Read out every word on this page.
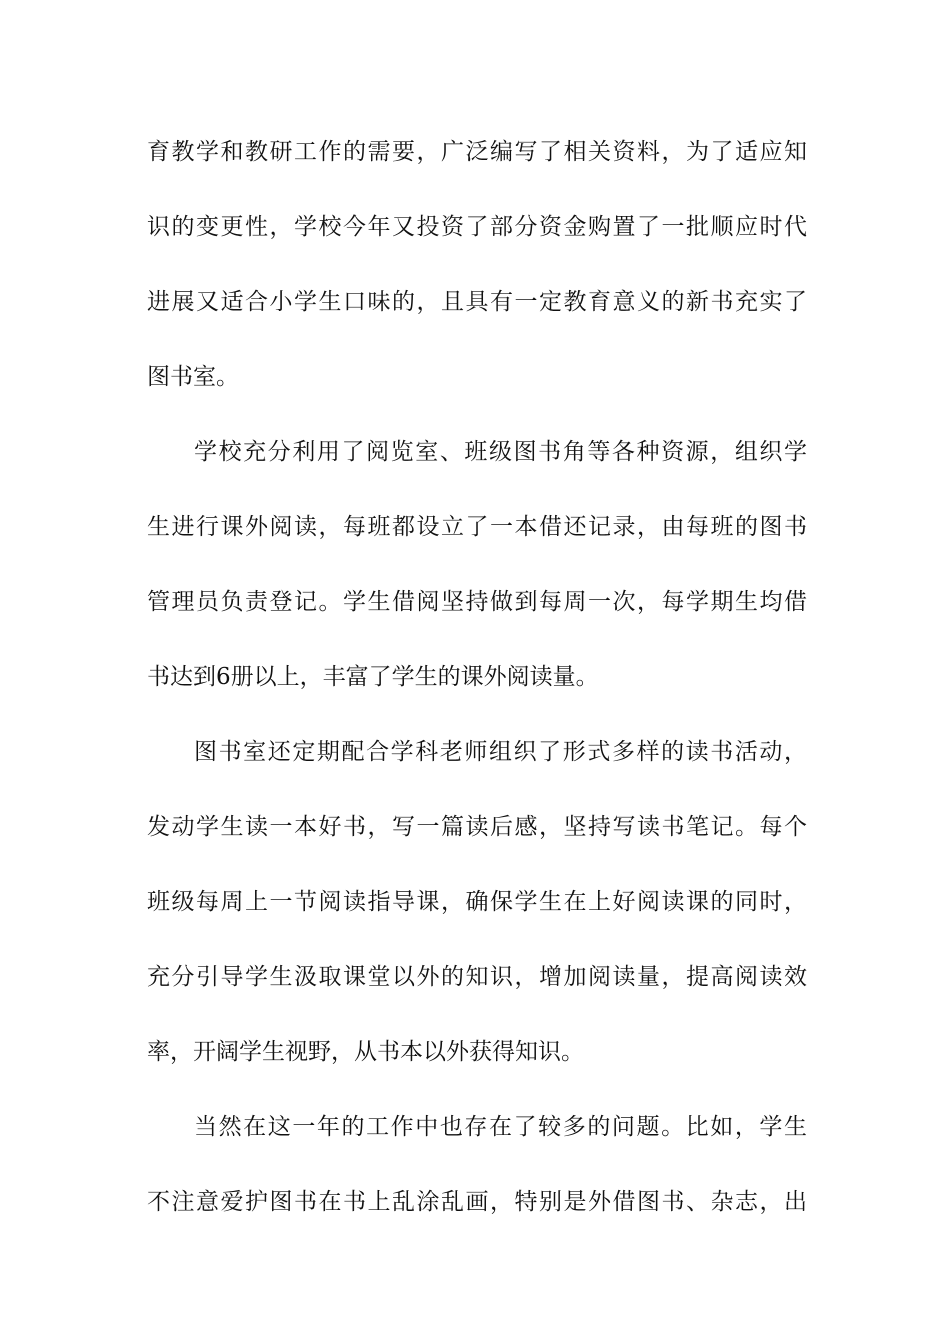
育教学和教研工作的需要，广泛编写了相关资料，为了适应知
识的变更性，学校今年又投资了部分资金购置了一批顺应时代
进展又适合小学生口味的，且具有一定教育意义的新书充实了
图书室。
学校充分利用了阅览室、班级图书角等各种资源，组织学
生进行课外阅读，每班都设立了一本借还记录，由每班的图书
管理员负责登记。学生借阅坚持做到每周一次，每学期生均借
书达到6册以上，丰富了学生的课外阅读量。
图书室还定期配合学科老师组织了形式多样的读书活动，
发动学生读一本好书，写一篇读后感，坚持写读书笔记。每个
班级每周上一节阅读指导课，确保学生在上好阅读课的同时，
充分引导学生汲取课堂以外的知识，增加阅读量，提高阅读效
率，开阔学生视野，从书本以外获得知识。
当然在这一年的工作中也存在了较多的问题。比如，学生
不注意爱护图书在书上乱涂乱画，特别是外借图书、杂志，出
